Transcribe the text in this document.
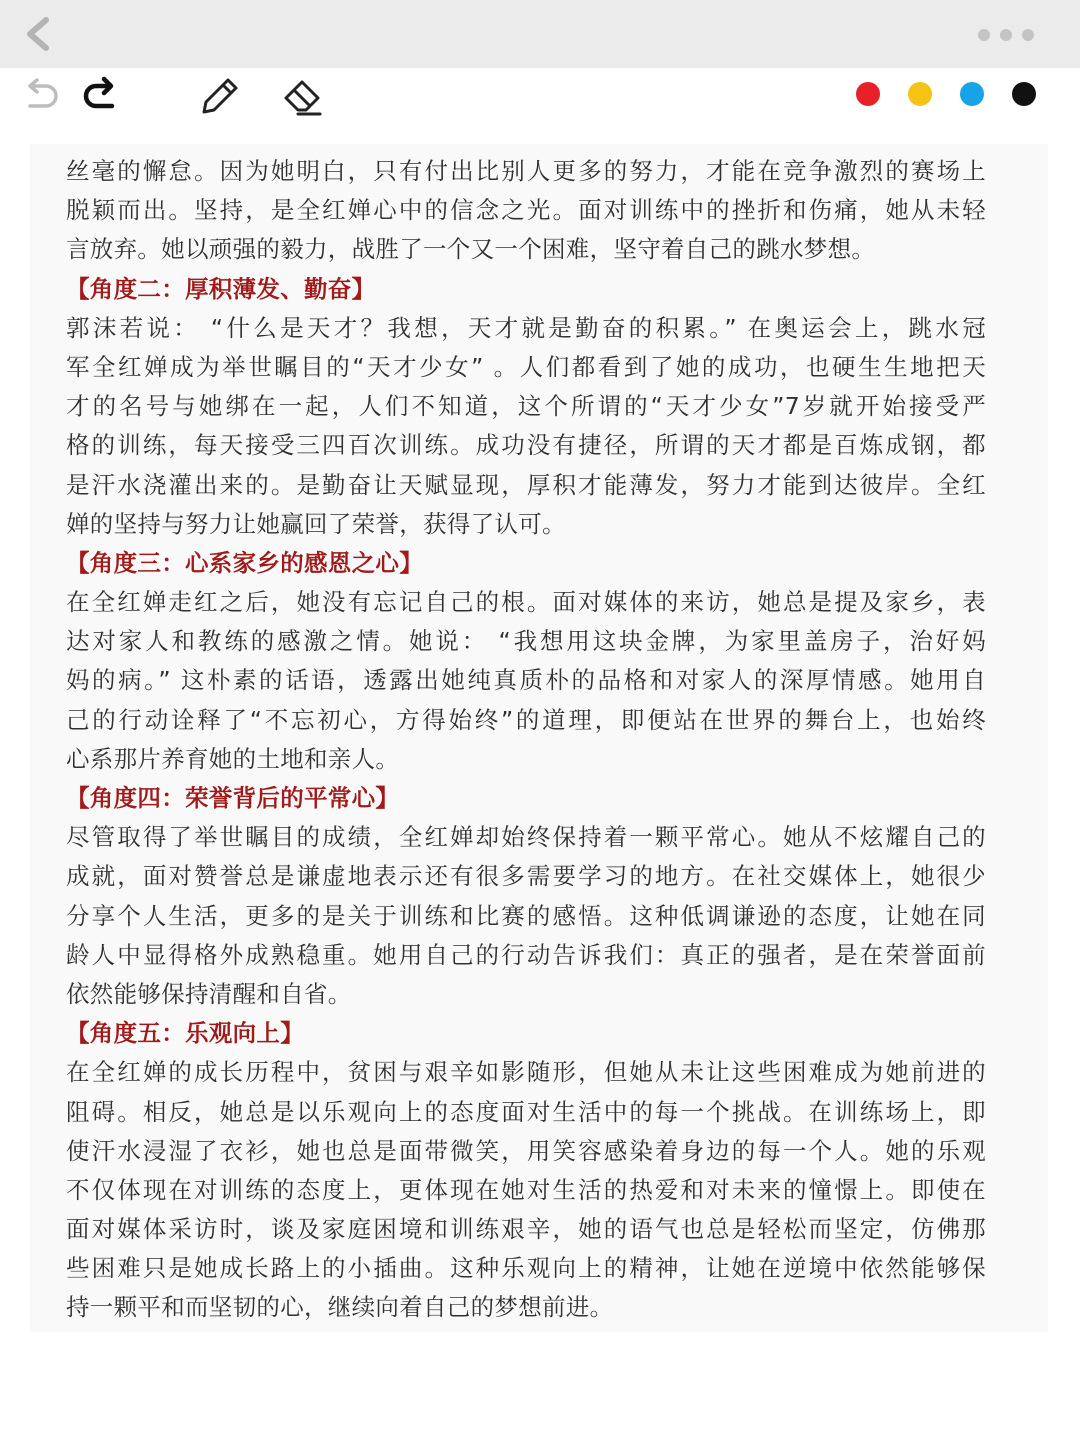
丝毫的懈怠。因为她明白，只有付出比别人更多的努力，才能在竞争激烈的赛场上
脱颖而出。坚持，是全红婵心中的信念之光。面对训练中的挫折和伤痛，她从未轻
言放弃。她以顽强的毅力，战胜了一个又一个困难，坚守着自己的跳水梦想。
【角度二：厚积薄发、勤奋】
郭沫若说： “什么是天才？我想，天才就是勤奋的积累。” 在奥运会上，跳水冠
军全红婵成为举世瞩目的“天才少女” 。人们都看到了她的成功，也硬生生地把天
才的名号与她绑在一起，人们不知道，这个所谓的“天才少女”7岁就开始接受严
格的训练，每天接受三四百次训练。成功没有捷径，所谓的天才都是百炼成钢，都
是汗水浇灌出来的。是勤奋让天赋显现，厚积才能薄发，努力才能到达彼岸。全红
婵的坚持与努力让她赢回了荣誉，获得了认可。
【角度三：心系家乡的感恩之心】
在全红婵走红之后，她没有忘记自己的根。面对媒体的来访，她总是提及家乡，表
达对家人和教练的感激之情。她说： “我想用这块金牌，为家里盖房子，治好妈
妈的病。” 这朴素的话语，透露出她纯真质朴的品格和对家人的深厚情感。她用自
己的行动诠释了“不忘初心，方得始终”的道理，即便站在世界的舞台上，也始终
心系那片养育她的土地和亲人。
【角度四：荣誉背后的平常心】
尽管取得了举世瞩目的成绩，全红婵却始终保持着一颗平常心。她从不炫耀自己的
成就，面对赞誉总是谦虚地表示还有很多需要学习的地方。在社交媒体上，她很少
分享个人生活，更多的是关于训练和比赛的感悟。这种低调谦逊的态度，让她在同
龄人中显得格外成熟稳重。她用自己的行动告诉我们：真正的强者，是在荣誉面前
依然能够保持清醒和自省。
【角度五：乐观向上】
在全红婵的成长历程中，贫困与艰辛如影随形，但她从未让这些困难成为她前进的
阻碍。相反，她总是以乐观向上的态度面对生活中的每一个挑战。在训练场上，即
使汗水浸湿了衣衫，她也总是面带微笑，用笑容感染着身边的每一个人。她的乐观
不仅体现在对训练的态度上，更体现在她对生活的热爱和对未来的憧憬上。即使在
面对媒体采访时，谈及家庭困境和训练艰辛，她的语气也总是轻松而坚定，仿佛那
些困难只是她成长路上的小插曲。这种乐观向上的精神，让她在逆境中依然能够保
持一颗平和而坚韧的心，继续向着自己的梦想前进。
